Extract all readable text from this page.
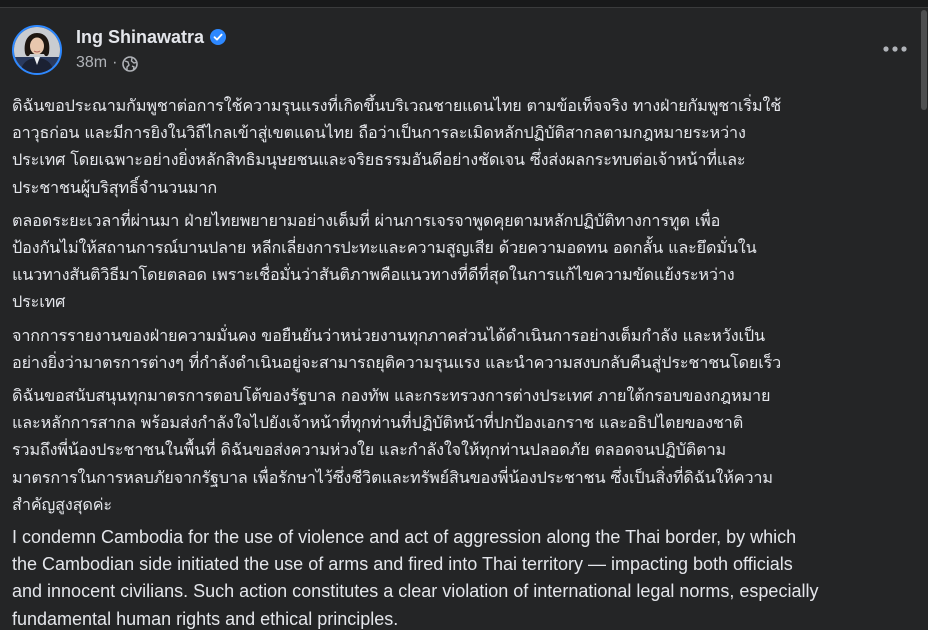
Ing Shinawatra
38m ·

ดิฉันขอประณามกัมพูชาต่อการใช้ความรุนแรงที่เกิดขึ้นบริเวณชายแดนไทย ตามข้อเท็จจริง ทางฝ่ายกัมพูชาเริ่มใช้
อาวุธก่อน และมีการยิงในวิถีไกลเข้าสู่เขตแดนไทย ถือว่าเป็นการละเมิดหลักปฏิบัติสากลตามกฎหมายระหว่าง
ประเทศ โดยเฉพาะอย่างยิ่งหลักสิทธิมนุษยชนและจริยธรรมอันดีอย่างชัดเจน ซึ่งส่งผลกระทบต่อเจ้าหน้าที่และ
ประชาชนผู้บริสุทธิ์จำนวนมาก

ตลอดระยะเวลาที่ผ่านมา ฝ่ายไทยพยายามอย่างเต็มที่ ผ่านการเจรจาพูดคุยตามหลักปฏิบัติทางการทูต เพื่อ
ป้องกันไม่ให้สถานการณ์บานปลาย หลีกเลี่ยงการปะทะและความสูญเสีย ด้วยความอดทน อดกลั้น และยึดมั่นใน
แนวทางสันติวิธีมาโดยตลอด เพราะเชื่อมั่นว่าสันติภาพคือแนวทางที่ดีที่สุดในการแก้ไขความขัดแย้งระหว่าง
ประเทศ

จากการรายงานของฝ่ายความมั่นคง ขอยืนยันว่าหน่วยงานทุกภาคส่วนได้ดำเนินการอย่างเต็มกำลัง และหวังเป็น
อย่างยิ่งว่ามาตรการต่างๆ ที่กำลังดำเนินอยู่จะสามารถยุติความรุนแรง และนำความสงบกลับคืนสู่ประชาชนโดยเร็ว

ดิฉันขอสนับสนุนทุกมาตรการตอบโต้ของรัฐบาล กองทัพ และกระทรวงการต่างประเทศ ภายใต้กรอบของกฎหมาย
และหลักการสากล พร้อมส่งกำลังใจไปยังเจ้าหน้าที่ทุกท่านที่ปฏิบัติหน้าที่ปกป้องเอกราช และอธิปไตยของชาติ
รวมถึงพี่น้องประชาชนในพื้นที่ ดิฉันขอส่งความห่วงใย และกำลังใจให้ทุกท่านปลอดภัย ตลอดจนปฏิบัติตาม
มาตรการในการหลบภัยจากรัฐบาล เพื่อรักษาไว้ซึ่งชีวิตและทรัพย์สินของพี่น้องประชาชน ซึ่งเป็นสิ่งที่ดิฉันให้ความ
สำคัญสูงสุดค่ะ

I condemn Cambodia for the use of violence and act of aggression along the Thai border, by which
the Cambodian side initiated the use of arms and fired into Thai territory — impacting both officials
and innocent civilians. Such action constitutes a clear violation of international legal norms, especially
fundamental human rights and ethical principles.
